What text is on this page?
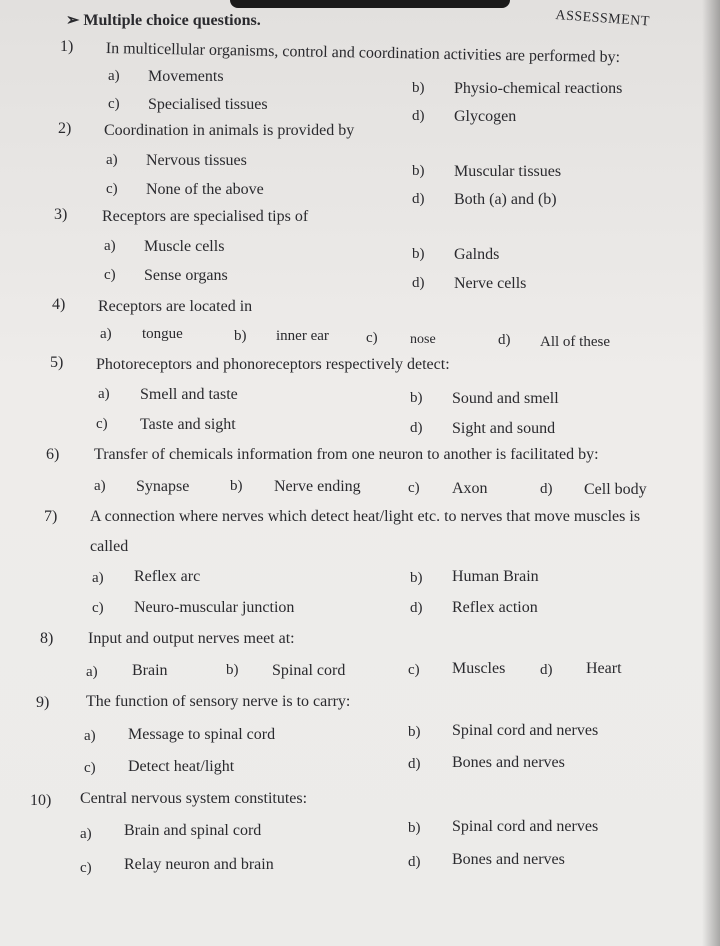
➢ Multiple choice questions.	ASSESSMENT
1) In multicellular organisms, control and coordination activities are performed by:
a) Movements
b) Physio-chemical reactions
c) Specialised tissues
d) Glycogen
2) Coordination in animals is provided by
a) Nervous tissues
b) Muscular tissues
c) None of the above
d) Both (a) and (b)
3) Receptors are specialised tips of
a) Muscle cells	b) Galnds
c) Sense organs	d) Nerve cells
4) Receptors are located in
a) tongue	b) inner ear c) nose	d) All of these
5) Photoreceptors and phonoreceptors respectively detect:
a) Smell and taste	b) Sound and smell
c) Taste and sight	d) Sight and sound
6) Transfer of chemicals information from one neuron to another is facilitated by:
a) Synapse	b) Nerve ending	c) Axon	d) Cell body
7) A connection where nerves which detect heat/light etc. to nerves that move muscles is
called
a) Reflex arc	b) Human Brain
c) Neuro-muscular junction	d) Reflex action
8) Input and output nerves meet at:
a) Brain	b) Spinal cord	c) Muscles d) Heart
9) The function of sensory nerve is to carry:
a) Message to spinal cord	b) Spinal cord and nerves
c) Detect heat/light	d) Bones and nerves
10) Central nervous system constitutes:
a) Brain and spinal cord	b) Spinal cord and nerves
c) Relay neuron and brain	d) Bones and nerves
